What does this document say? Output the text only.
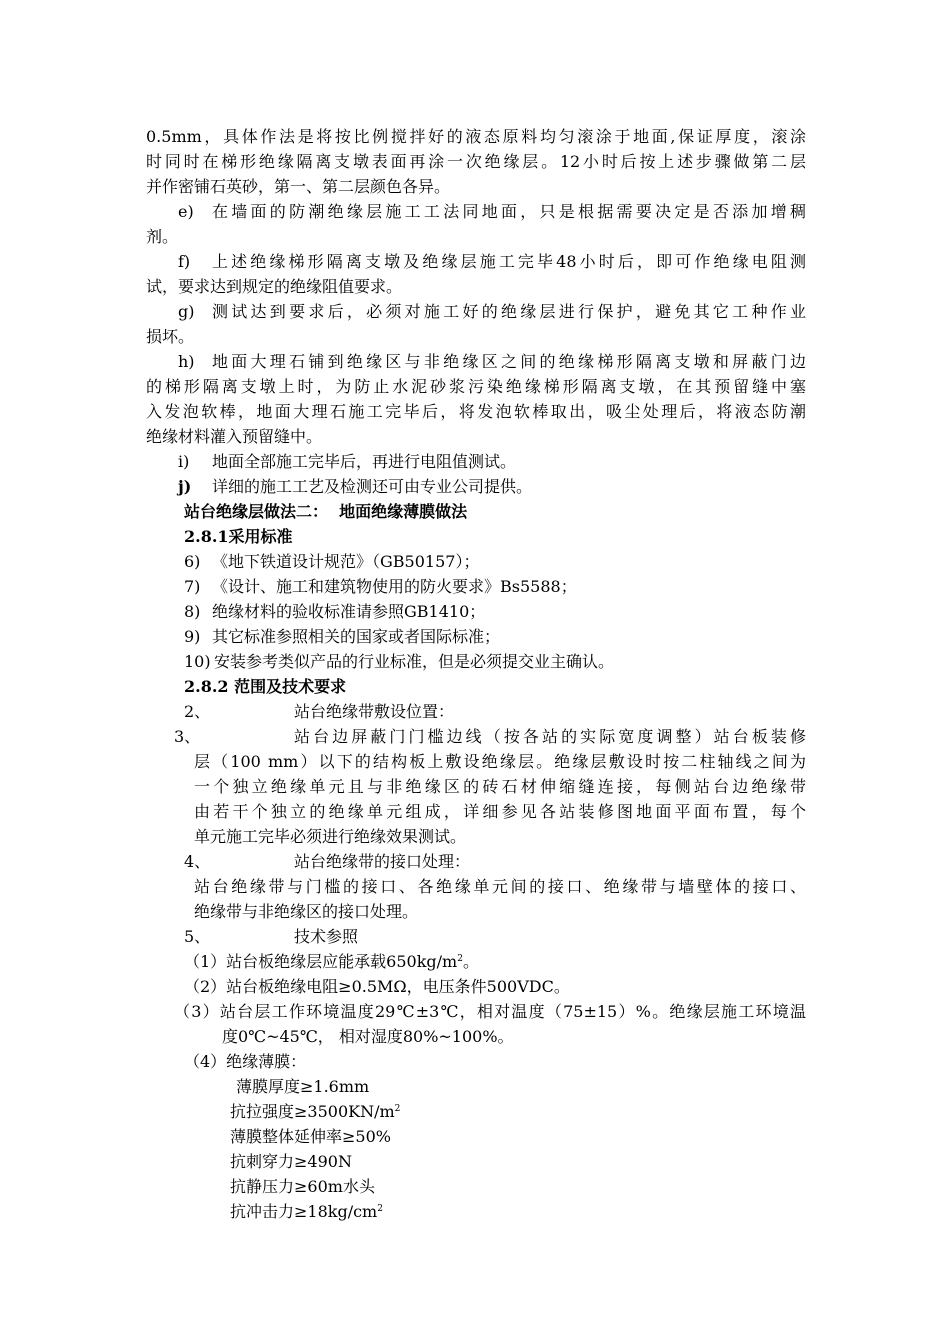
0.5mm，具体作法是将按比例搅拌好的液态原料均匀滚涂于地面,保证厚度，滚涂
时同时在梯形绝缘隔离支墩表面再涂一次绝缘层。12小时后按上述步骤做第二层
并作密铺石英砂，第一、第二层颜色各异。
e) 在墙面的防潮绝缘层施工工法同地面，只是根据需要决定是否添加增稠
剂。
f) 上述绝缘梯形隔离支墩及绝缘层施工完毕48小时后，即可作绝缘电阻测
试，要求达到规定的绝缘阻值要求。
g) 测试达到要求后，必须对施工好的绝缘层进行保护，避免其它工种作业
损坏。
h) 地面大理石铺到绝缘区与非绝缘区之间的绝缘梯形隔离支墩和屏蔽门边
的梯形隔离支墩上时，为防止水泥砂浆污染绝缘梯形隔离支墩，在其预留缝中塞
入发泡软棒，地面大理石施工完毕后，将发泡软棒取出，吸尘处理后，将液态防潮
绝缘材料灌入预留缝中。
i) 地面全部施工完毕后，再进行电阻值测试。
j) 详细的施工工艺及检测还可由专业公司提供。
站台绝缘层做法二：  地面绝缘薄膜做法
2.8.1采用标准
6) 《地下铁道设计规范》（GB50157）；
7) 《设计、施工和建筑物使用的防火要求》Bs5588；
8) 绝缘材料的验收标准请参照GB1410；
9) 其它标准参照相关的国家或者国际标准；
10) 安装参考类似产品的行业标准，但是必须提交业主确认。
2.8.2 范围及技术要求
2、	站台绝缘带敷设位置：
3、	站台边屏蔽门门槛边线（按各站的实际宽度调整）站台板装修
层（100 mm）以下的结构板上敷设绝缘层。绝缘层敷设时按二柱轴线之间为
一个独立绝缘单元且与非绝缘区的砖石材伸缩缝连接，每侧站台边绝缘带
由若干个独立的绝缘单元组成，详细参见各站装修图地面平面布置，每个
单元施工完毕必须进行绝缘效果测试。
4、	站台绝缘带的接口处理：
站台绝缘带与门槛的接口、各绝缘单元间的接口、绝缘带与墙壁体的接口、
绝缘带与非绝缘区的接口处理。
5、	技术参照
（1）站台板绝缘层应能承载$650kg/m^2$。
（2）站台板绝缘电阻≥0.5MΩ，电压条件500VDC。
（3）站台层工作环境温度29℃±3℃，相对温度（75±15）%。绝缘层施工环境温
度0℃~45℃， 相对湿度80%~100%。
（4）绝缘薄膜：
薄膜厚度≥1.6mm
抗拉强度$\ge 3500KN/m^2$
薄膜整体延伸率≥50%
抗刺穿力≥490N
抗静压力≥60m水头
抗冲击力$\ge 18kg/cm^2$
